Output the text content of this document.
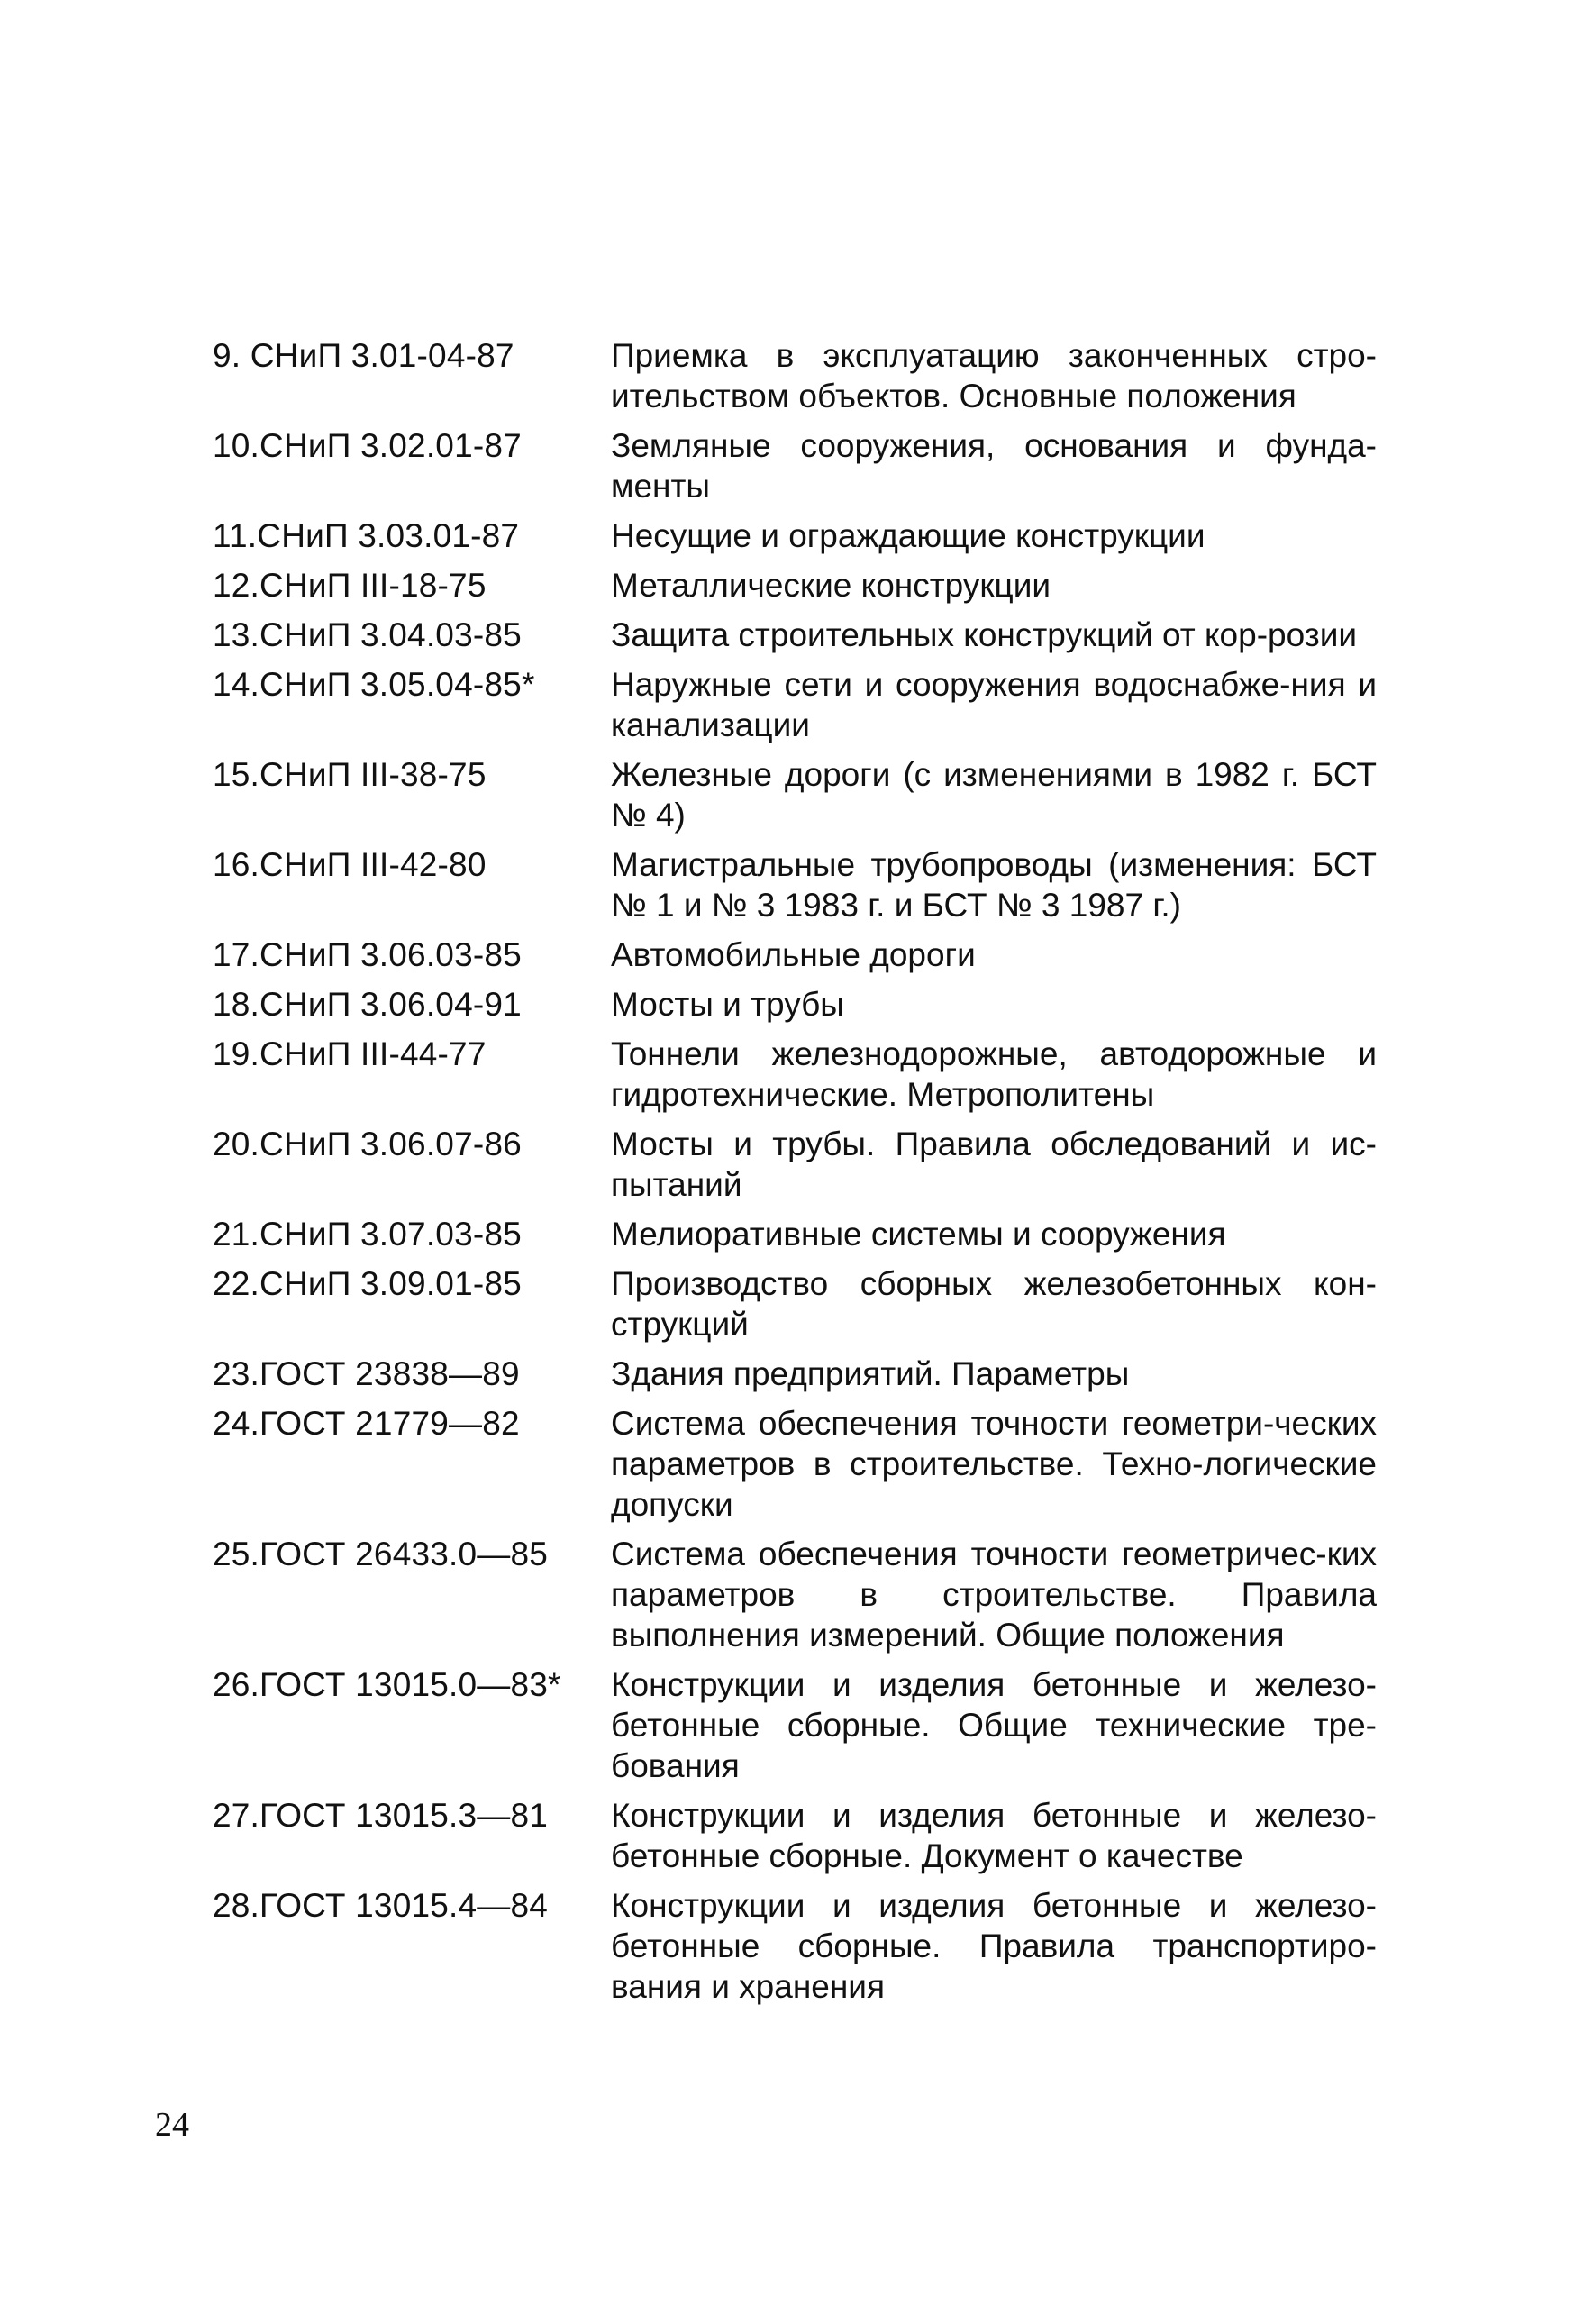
9. СНиП 3.01-04-87	Приемка в эксплуатацию законченных стро-ительством объектов. Основные положения
10.СНиП 3.02.01-87	Земляные сооружения, основания и фунда-менты
11.СНиП 3.03.01-87	Несущие и ограждающие конструкции
12.СНиП III-18-75	Металлические конструкции
13.СНиП 3.04.03-85	Защита строительных конструкций от кор-розии
14.СНиП 3.05.04-85*	Наружные сети и сооружения водоснабже-ния и канализации
15.СНиП III-38-75	Железные дороги (с изменениями в 1982 г. БСТ № 4)
16.СНиП III-42-80	Магистральные трубопроводы (изменения: БСТ № 1 и № 3 1983 г. и БСТ № 3 1987 г.)
17.СНиП 3.06.03-85	Автомобильные дороги
18.СНиП 3.06.04-91	Мосты и трубы
19.СНиП III-44-77	Тоннели железнодорожные, автодорожные и гидротехнические. Метрополитены
20.СНиП 3.06.07-86	Мосты и трубы. Правила обследований и ис-пытаний
21.СНиП 3.07.03-85	Мелиоративные системы и сооружения
22.СНиП 3.09.01-85	Производство сборных железобетонных кон-струкций
23.ГОСТ 23838—89	Здания предприятий. Параметры
24.ГОСТ 21779—82	Система обеспечения точности геометри-ческих параметров в строительстве. Техно-логические допуски
25.ГОСТ 26433.0—85	Система обеспечения точности геометричес-ких параметров в строительстве. Правила выполнения измерений. Общие положения
26.ГОСТ 13015.0—83*	Конструкции и изделия бетонные и железо-бетонные сборные. Общие технические тре-бования
27.ГОСТ 13015.3—81	Конструкции и изделия бетонные и железо-бетонные сборные. Документ о качестве
28.ГОСТ 13015.4—84	Конструкции и изделия бетонные и железо-бетонные сборные. Правила транспортиро-вания и хранения
24
